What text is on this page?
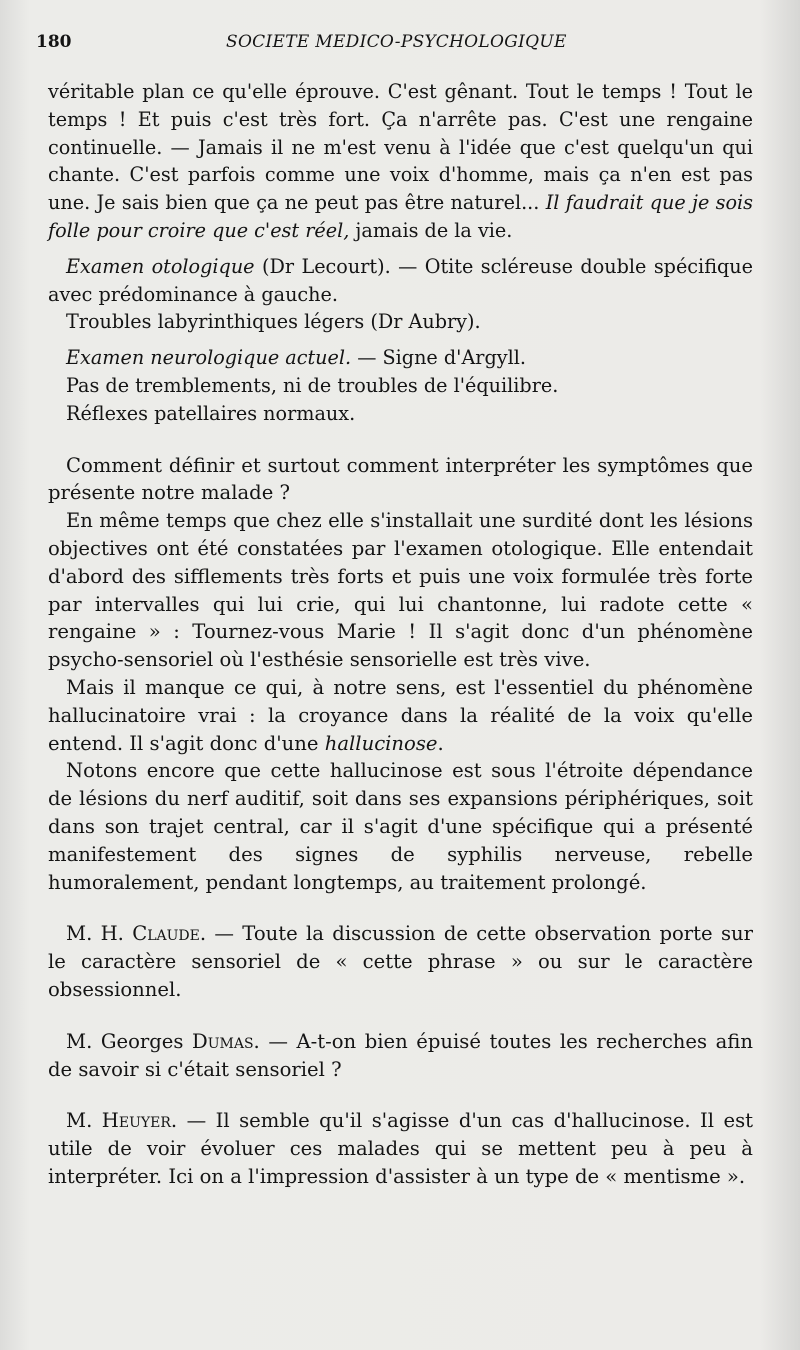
180	SOCIETE MEDICO-PSYCHOLOGIQUE

véritable plan ce qu'elle éprouve. C'est gênant. Tout le temps ! Tout le temps ! Et puis c'est très fort. Ça n'arrête pas. C'est une rengaine continuelle. — Jamais il ne m'est venu à l'idée que c'est quelqu'un qui chante. C'est parfois comme une voix d'homme, mais ça n'en est pas une. Je sais bien que ça ne peut pas être naturel... Il faudrait que je sois folle pour croire que c'est réel, jamais de la vie.

Examen otologique (Dr Lecourt). — Otite scléreuse double spécifique avec prédominance à gauche.

Troubles labyrinthiques légers (Dr Aubry).

Examen neurologique actuel. — Signe d'Argyll.

Pas de tremblements, ni de troubles de l'équilibre.

Réflexes patellaires normaux.

Comment définir et surtout comment interpréter les symptômes que présente notre malade ?

En même temps que chez elle s'installait une surdité dont les lésions objectives ont été constatées par l'examen otologique. Elle entendait d'abord des sifflements très forts et puis une voix formulée très forte par intervalles qui lui crie, qui lui chantonne, lui radote cette « rengaine » : Tournez-vous Marie ! Il s'agit donc d'un phénomène psycho-sensoriel où l'esthésie sensorielle est très vive.

Mais il manque ce qui, à notre sens, est l'essentiel du phénomène hallucinatoire vrai : la croyance dans la réalité de la voix qu'elle entend. Il s'agit donc d'une hallucinose.

Notons encore que cette hallucinose est sous l'étroite dépendance de lésions du nerf auditif, soit dans ses expansions périphériques, soit dans son trajet central, car il s'agit d'une spécifique qui a présenté manifestement des signes de syphilis nerveuse, rebelle humoralement, pendant longtemps, au traitement prolongé.

M. H. Claude. — Toute la discussion de cette observation porte sur le caractère sensoriel de « cette phrase » ou sur le caractère obsessionnel.

M. Georges Dumas. — A-t-on bien épuisé toutes les recherches afin de savoir si c'était sensoriel ?

M. Heuyer. — Il semble qu'il s'agisse d'un cas d'hallucinose. Il est utile de voir évoluer ces malades qui se mettent peu à peu à interpréter. Ici on a l'impression d'assister à un type de « mentisme ».
